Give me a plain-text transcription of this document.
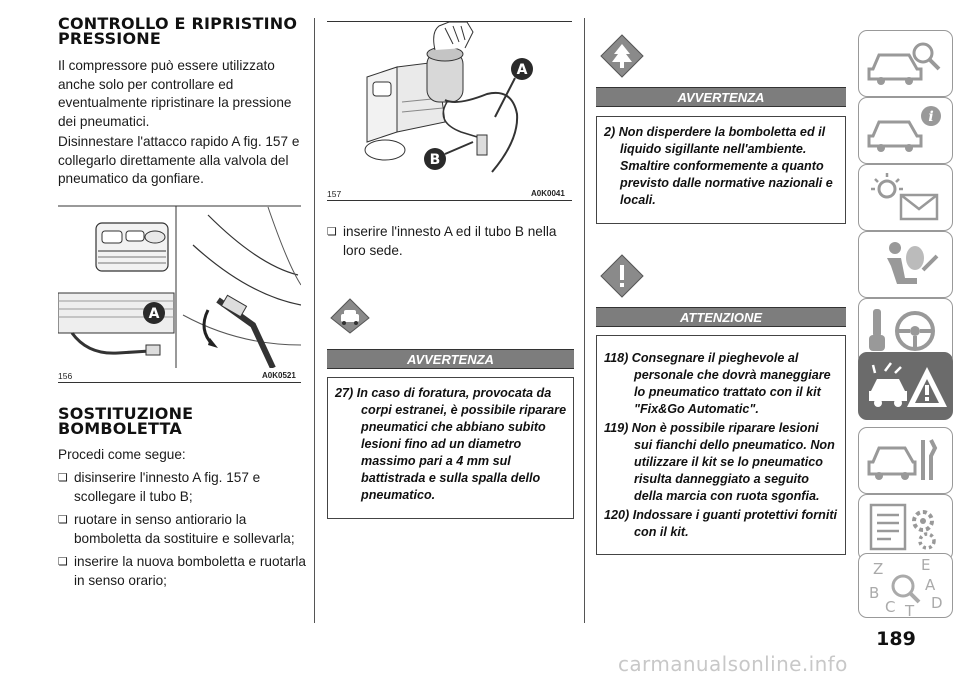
CONTROLLO E RIPRISTINO PRESSIONE

Il compressore può essere utilizzato anche solo per controllare ed eventualmente ripristinare la pressione dei pneumatici.

Disinnestare l'attacco rapido A fig. 157 e collegarlo direttamente alla valvola del pneumatico da gonfiare.

A
156	A0K0521
SOSTITUZIONE BOMBOLETTA

Procedi come segue:

❏ disinserire l'innesto A fig. 157 e scollegare il tubo B;

❏ ruotare in senso antiorario la bomboletta da sostituire e sollevarla;

❏ inserire la nuova bomboletta e ruotarla in senso orario;

A
B
157	A0K0041

❏ inserire l'innesto A ed il tubo B nella loro sede.

AVVERTENZA

27) In caso di foratura, provocata da corpi estranei, è possibile riparare pneumatici che abbiano subito lesioni fino ad un diametro massimo pari a 4 mm sul battistrada e sulla spalla dello pneumatico.

AVVERTENZA

2) Non disperdere la bomboletta ed il liquido sigillante nell'ambiente. Smaltire conformemente a quanto previsto dalle normative nazionali e locali.

ATTENZIONE

118) Consegnare il pieghevole al personale che dovrà maneggiare lo pneumatico trattato con il kit "Fix&Go Automatic".

119) Non è possibile riparare lesioni sui fianchi dello pneumatico. Non utilizzare il kit se lo pneumatico risulta danneggiato a seguito della marcia con ruota sgonfia.

120) Indossare i guanti protettivi forniti con il kit.

i
Z	E
B	A
C T D
189
carmanualsonline.info
